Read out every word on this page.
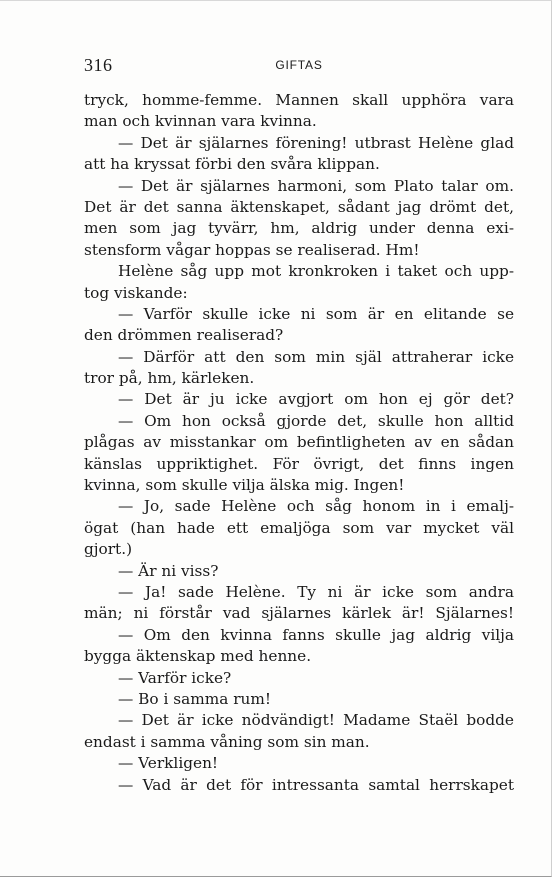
316	GIFTAS
tryck, homme-femme. Mannen skall upphöra vara
man och kvinnan vara kvinna.
— Det är själarnes förening! utbrast Helène glad
att ha kryssat förbi den svåra klippan.
— Det är själarnes harmoni, som Plato talar om.
Det är det sanna äktenskapet, sådant jag drömt det,
men som jag tyvärr, hm, aldrig under denna exi-
stensform vågar hoppas se realiserad. Hm!
Helène såg upp mot kronkroken i taket och upp-
tog viskande:
— Varför skulle icke ni som är en elitande se
den drömmen realiserad?
— Därför att den som min själ attraherar icke
tror på, hm, kärleken.
— Det är ju icke avgjort om hon ej gör det?
— Om hon också gjorde det, skulle hon alltid
plågas av misstankar om befintligheten av en sådan
känslas uppriktighet. För övrigt, det finns ingen
kvinna, som skulle vilja älska mig. Ingen!
— Jo, sade Helène och såg honom in i emalj-
ögat (han hade ett emaljöga som var mycket väl
gjort.)
— Är ni viss?
— Ja! sade Helène. Ty ni är icke som andra
män; ni förstår vad själarnes kärlek är! Själarnes!
— Om den kvinna fanns skulle jag aldrig vilja
bygga äktenskap med henne.
— Varför icke?
— Bo i samma rum!
— Det är icke nödvändigt! Madame Staël bodde
endast i samma våning som sin man.
— Verkligen!
— Vad är det för intressanta samtal herrskapet
